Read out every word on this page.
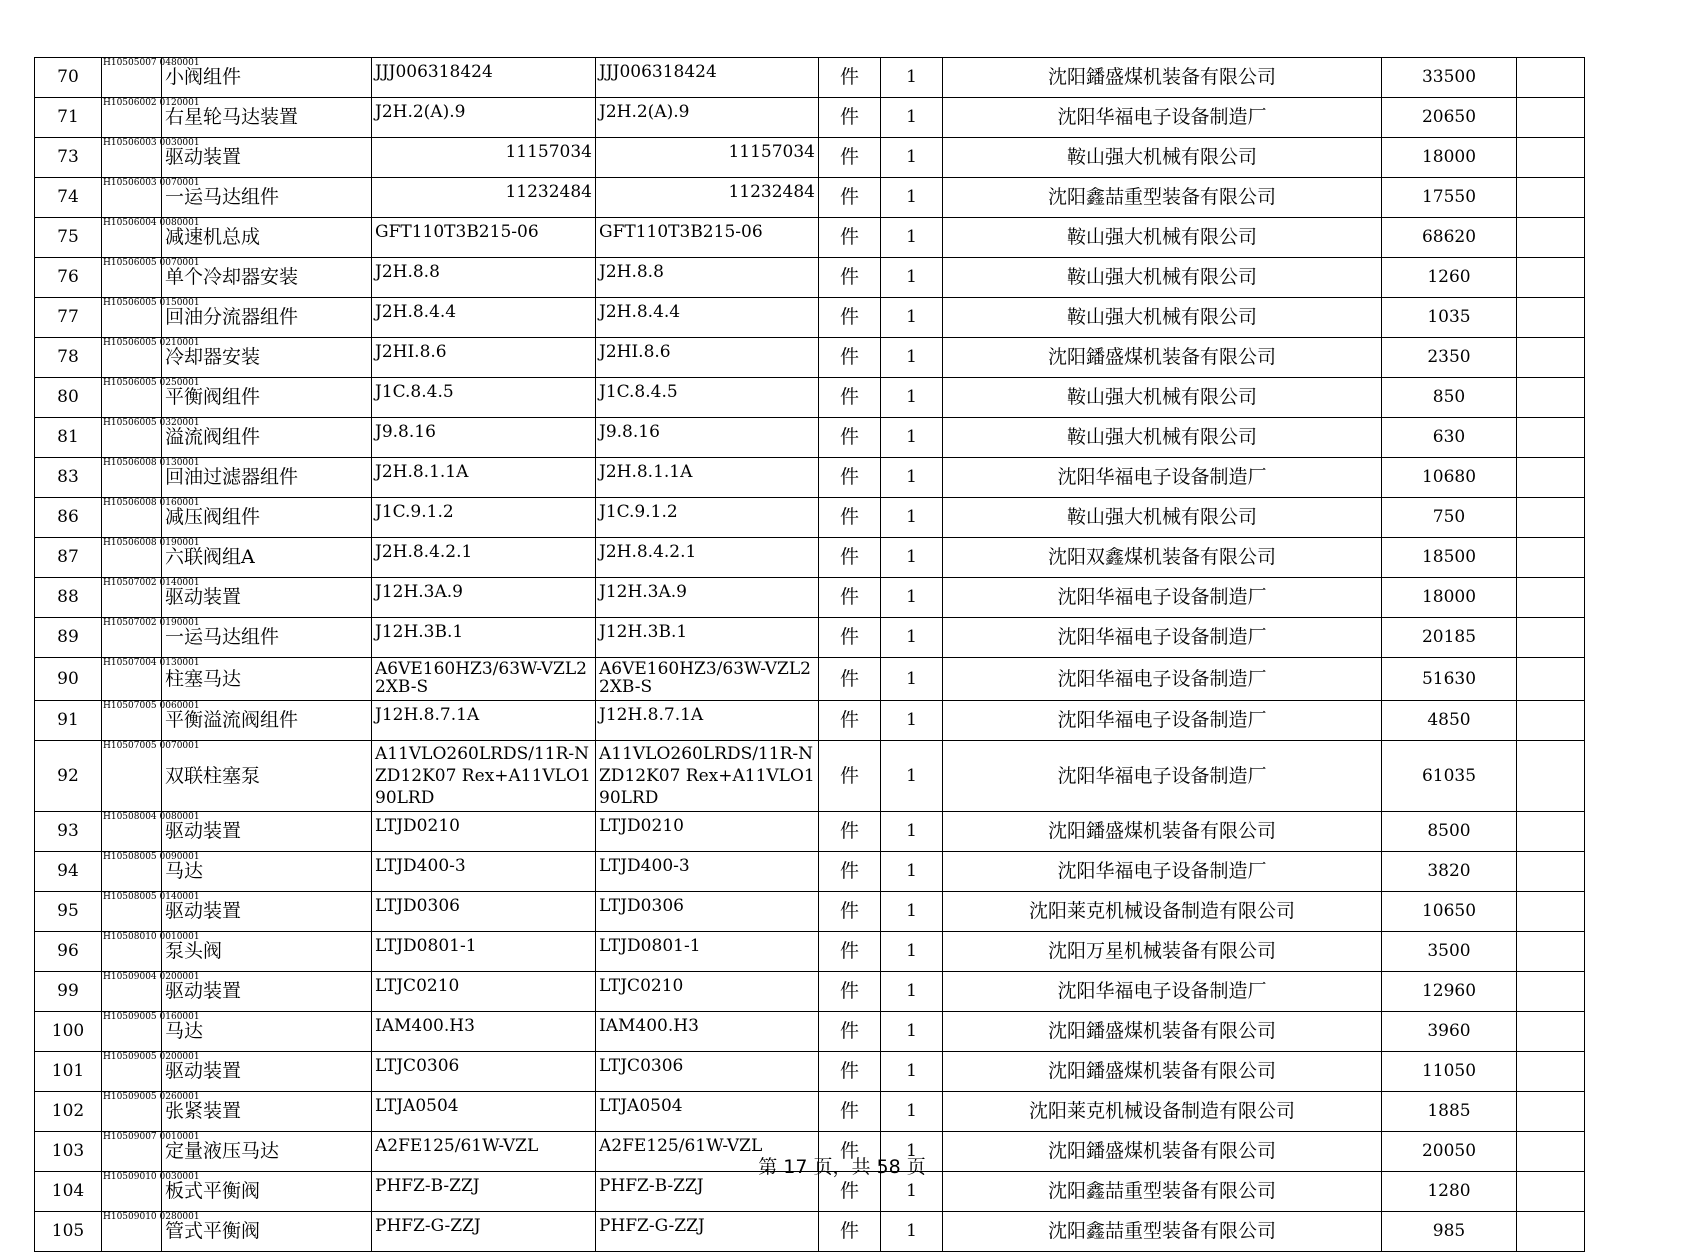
70	H10505007 0480001	小阀组件	JJJ006318424	JJJ006318424	件	1	沈阳鐇盛煤机装备有限公司	33500	
71	H10506002 0120001	右星轮马达装置	J2H.2(A).9	J2H.2(A).9	件	1	沈阳华福电子设备制造厂	20650	
73	H10506003 0030001	驱动装置	11157034	11157034	件	1	鞍山强大机械有限公司	18000	
74	H10506003 0070001	一运马达组件	11232484	11232484	件	1	沈阳鑫喆重型装备有限公司	17550	
75	H10506004 0080001	减速机总成	GFT110T3B215-06	GFT110T3B215-06	件	1	鞍山强大机械有限公司	68620	
76	H10506005 0070001	单个冷却器安装	J2H.8.8	J2H.8.8	件	1	鞍山强大机械有限公司	1260	
77	H10506005 0150001	回油分流器组件	J2H.8.4.4	J2H.8.4.4	件	1	鞍山强大机械有限公司	1035	
78	H10506005 0210001	冷却器安装	J2HⅠ.8.6	J2HⅠ.8.6	件	1	沈阳鐇盛煤机装备有限公司	2350	
80	H10506005 0250001	平衡阀组件	J1C.8.4.5	J1C.8.4.5	件	1	鞍山强大机械有限公司	850	
81	H10506005 0320001	溢流阀组件	J9.8.16	J9.8.16	件	1	鞍山强大机械有限公司	630	
83	H10506008 0130001	回油过滤器组件	J2H.8.1.1A	J2H.8.1.1A	件	1	沈阳华福电子设备制造厂	10680	
86	H10506008 0160001	减压阀组件	J1C.9.1.2	J1C.9.1.2	件	1	鞍山强大机械有限公司	750	
87	H10506008 0190001	六联阀组A	J2H.8.4.2.1	J2H.8.4.2.1	件	1	沈阳双鑫煤机装备有限公司	18500	
88	H10507002 0140001	驱动装置	J12H.3A.9	J12H.3A.9	件	1	沈阳华福电子设备制造厂	18000	
89	H10507002 0190001	一运马达组件	J12H.3B.1	J12H.3B.1	件	1	沈阳华福电子设备制造厂	20185	
90	H10507004 0130001	柱塞马达	A6VE160HZ3/63W-VZL22XB-S	A6VE160HZ3/63W-VZL22XB-S	件	1	沈阳华福电子设备制造厂	51630	
91	H10507005 0060001	平衡溢流阀组件	J12H.8.7.1A	J12H.8.7.1A	件	1	沈阳华福电子设备制造厂	4850	
92	H10507005 0070001	双联柱塞泵	A11VLO260LRDS/11R-NZD12K07 Rex+A11VLO190LRD	A11VLO260LRDS/11R-NZD12K07 Rex+A11VLO190LRD	件	1	沈阳华福电子设备制造厂	61035	
93	H10508004 0080001	驱动装置	LTJD0210	LTJD0210	件	1	沈阳鐇盛煤机装备有限公司	8500	
94	H10508005 0090001	马达	LTJD400-3	LTJD400-3	件	1	沈阳华福电子设备制造厂	3820	
95	H10508005 0140001	驱动装置	LTJD0306	LTJD0306	件	1	沈阳莱克机械设备制造有限公司	10650	
96	H10508010 0010001	泵头阀	LTJD0801-1	LTJD0801-1	件	1	沈阳万星机械装备有限公司	3500	
99	H10509004 0200001	驱动装置	LTJC0210	LTJC0210	件	1	沈阳华福电子设备制造厂	12960	
100	H10509005 0160001	马达	IAM400.H3	IAM400.H3	件	1	沈阳鐇盛煤机装备有限公司	3960	
101	H10509005 0200001	驱动装置	LTJC0306	LTJC0306	件	1	沈阳鐇盛煤机装备有限公司	11050	
102	H10509005 0260001	张紧装置	LTJA0504	LTJA0504	件	1	沈阳莱克机械设备制造有限公司	1885	
103	H10509007 0010001	定量液压马达	A2FE125/61W-VZL	A2FE125/61W-VZL	件	1	沈阳鐇盛煤机装备有限公司	20050	
104	H10509010 0030001	板式平衡阀	PHFZ-B-ZZJ	PHFZ-B-ZZJ	件	1	沈阳鑫喆重型装备有限公司	1280	
105	H10509010 0280001	管式平衡阀	PHFZ-G-ZZJ	PHFZ-G-ZZJ	件	1	沈阳鑫喆重型装备有限公司	985	
第 17 页，共 58 页
